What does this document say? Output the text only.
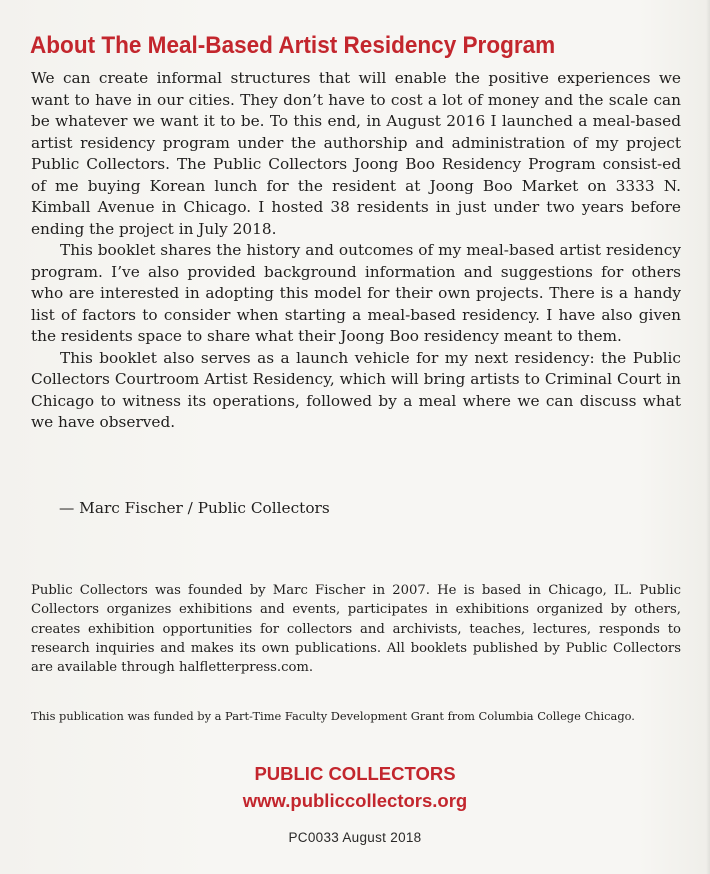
About The Meal-Based Artist Residency Program

We can create informal structures that will enable the positive experiences we want to have in our cities. They don’t have to cost a lot of money and the scale can be whatever we want it to be. To this end, in August 2016 I launched a meal-based artist residency program under the authorship and administration of my project Public Collectors. The Public Collectors Joong Boo Residency Program consist-ed of me buying Korean lunch for the resident at Joong Boo Market on 3333 N. Kimball Avenue in Chicago. I hosted 38 residents in just under two years before ending the project in July 2018.

This booklet shares the history and outcomes of my meal-based artist residency program. I’ve also provided background information and suggestions for others who are interested in adopting this model for their own projects. There is a handy list of factors to consider when starting a meal-based residency. I have also given the residents space to share what their Joong Boo residency meant to them.

This booklet also serves as a launch vehicle for my next residency: the Public Collectors Courtroom Artist Residency, which will bring artists to Criminal Court in Chicago to witness its operations, followed by a meal where we can discuss what we have observed.

— Marc Fischer / Public Collectors

Public Collectors was founded by Marc Fischer in 2007. He is based in Chicago, IL. Public Collectors organizes exhibitions and events, participates in exhibitions organized by others, creates exhibition opportunities for collectors and archivists, teaches, lectures, responds to research inquiries and makes its own publications. All booklets published by Public Collectors are available through halfletterpress.com.

This publication was funded by a Part-Time Faculty Development Grant from Columbia College Chicago.

PUBLIC COLLECTORS

www.publiccollectors.org

PC0033 August 2018
